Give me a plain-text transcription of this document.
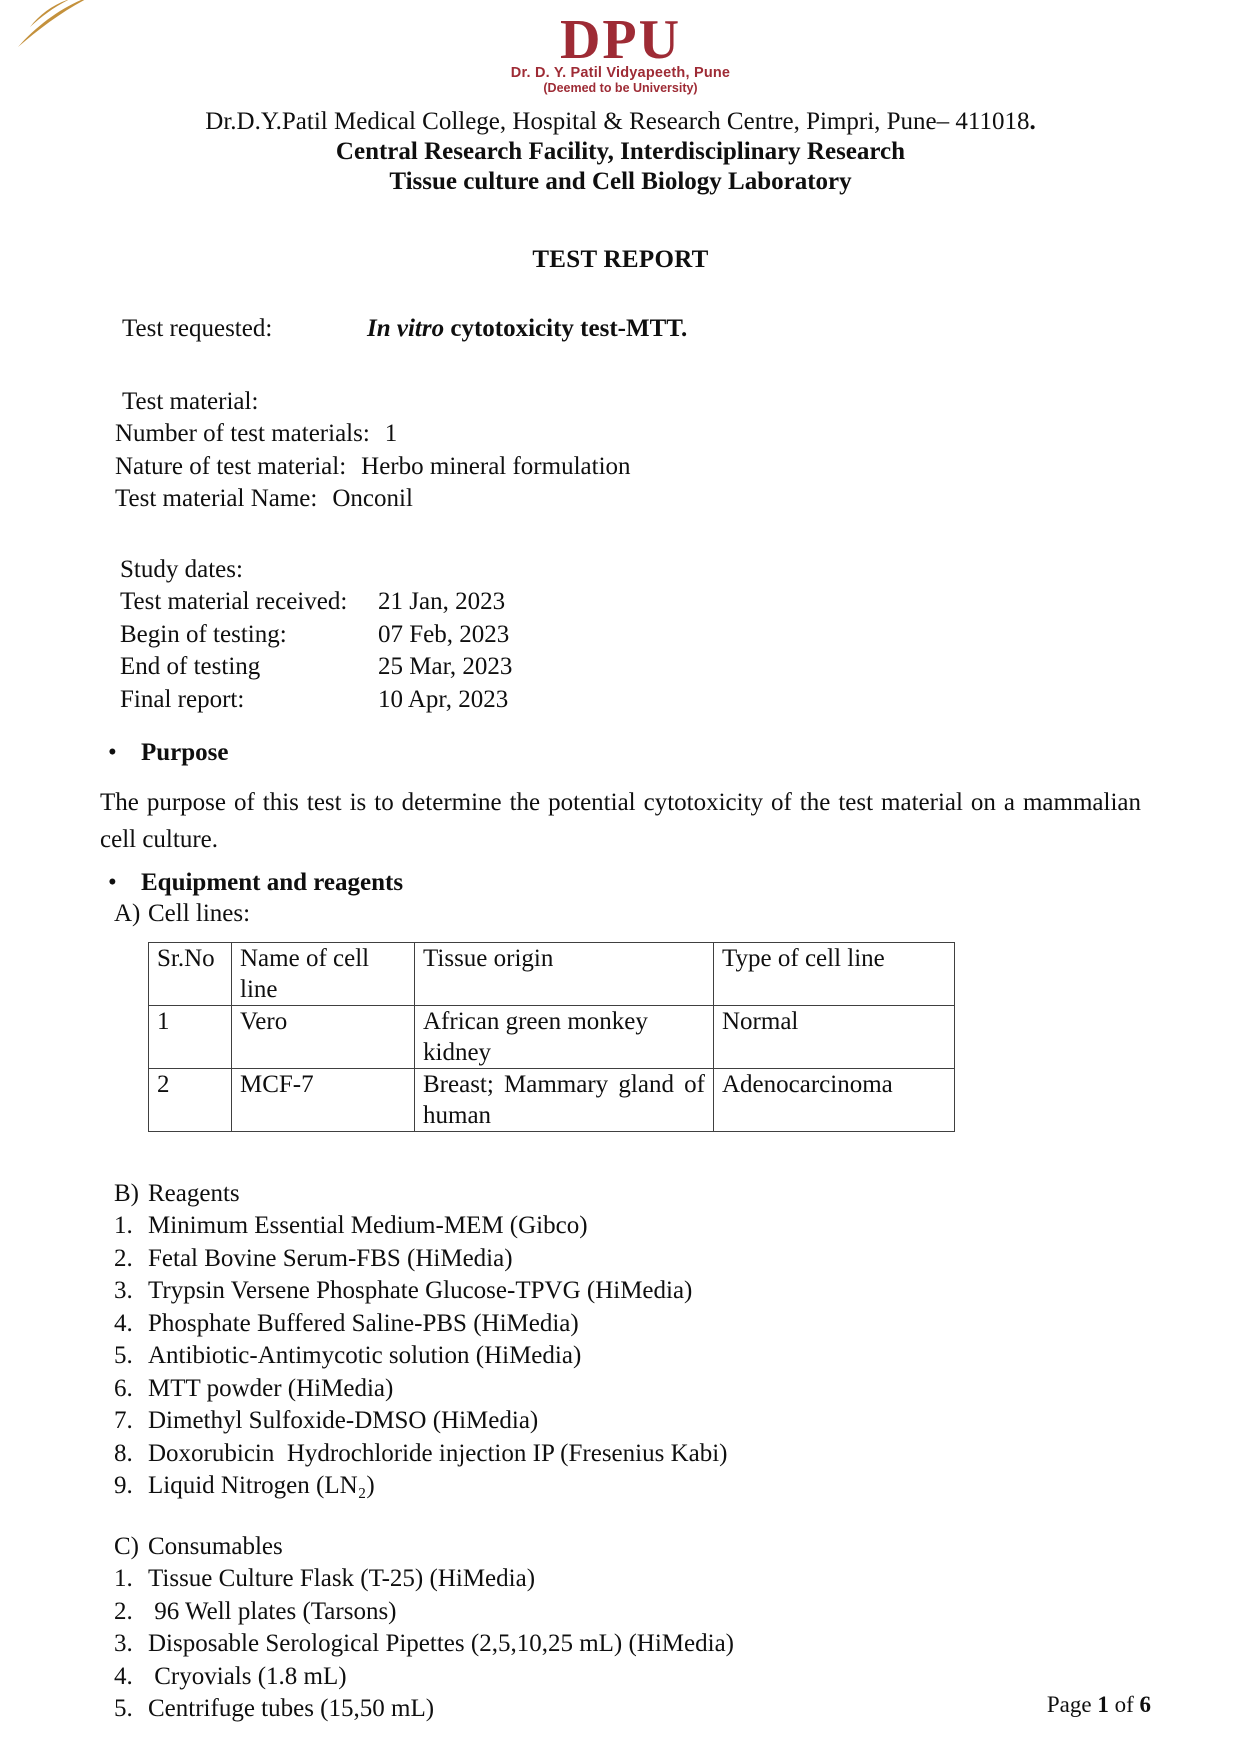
DPU
Dr. D. Y. Patil Vidyapeeth, Pune
(Deemed to be University)
Dr.D.Y.Patil Medical College, Hospital & Research Centre, Pimpri, Pune– 411018.
Central Research Facility, Interdisciplinary Research
Tissue culture and Cell Biology Laboratory
TEST REPORT
Test requested:	In vitro cytotoxicity test-MTT.
Test material:
Number of test materials: 1
Nature of test material: Herbo mineral formulation
Test material Name: Onconil
Study dates:
Test material received:	21 Jan, 2023
Begin of testing:	07 Feb, 2023
End of testing	25 Mar, 2023
Final report:	10 Apr, 2023
• Purpose
The purpose of this test is to determine the potential cytotoxicity of the test material on a mammalian cell culture.
• Equipment and reagents
A) Cell lines:
Sr.No	Name of cell line	Tissue origin	Type of cell line
1	Vero	African green monkey kidney	Normal
2	MCF-7	Breast; Mammary gland of human	Adenocarcinoma
B) Reagents
1. Minimum Essential Medium-MEM (Gibco)
2. Fetal Bovine Serum-FBS (HiMedia)
3. Trypsin Versene Phosphate Glucose-TPVG (HiMedia)
4. Phosphate Buffered Saline-PBS (HiMedia)
5. Antibiotic-Antimycotic solution (HiMedia)
6. MTT powder (HiMedia)
7. Dimethyl Sulfoxide-DMSO (HiMedia)
8. Doxorubicin  Hydrochloride injection IP (Fresenius Kabi)
9. Liquid Nitrogen (LN₂)
C) Consumables
1. Tissue Culture Flask (T-25) (HiMedia)
2. 96 Well plates (Tarsons)
3. Disposable Serological Pipettes (2,5,10,25 mL) (HiMedia)
4. Cryovials (1.8 mL)
5. Centrifuge tubes (15,50 mL)	Page 1 of 6
